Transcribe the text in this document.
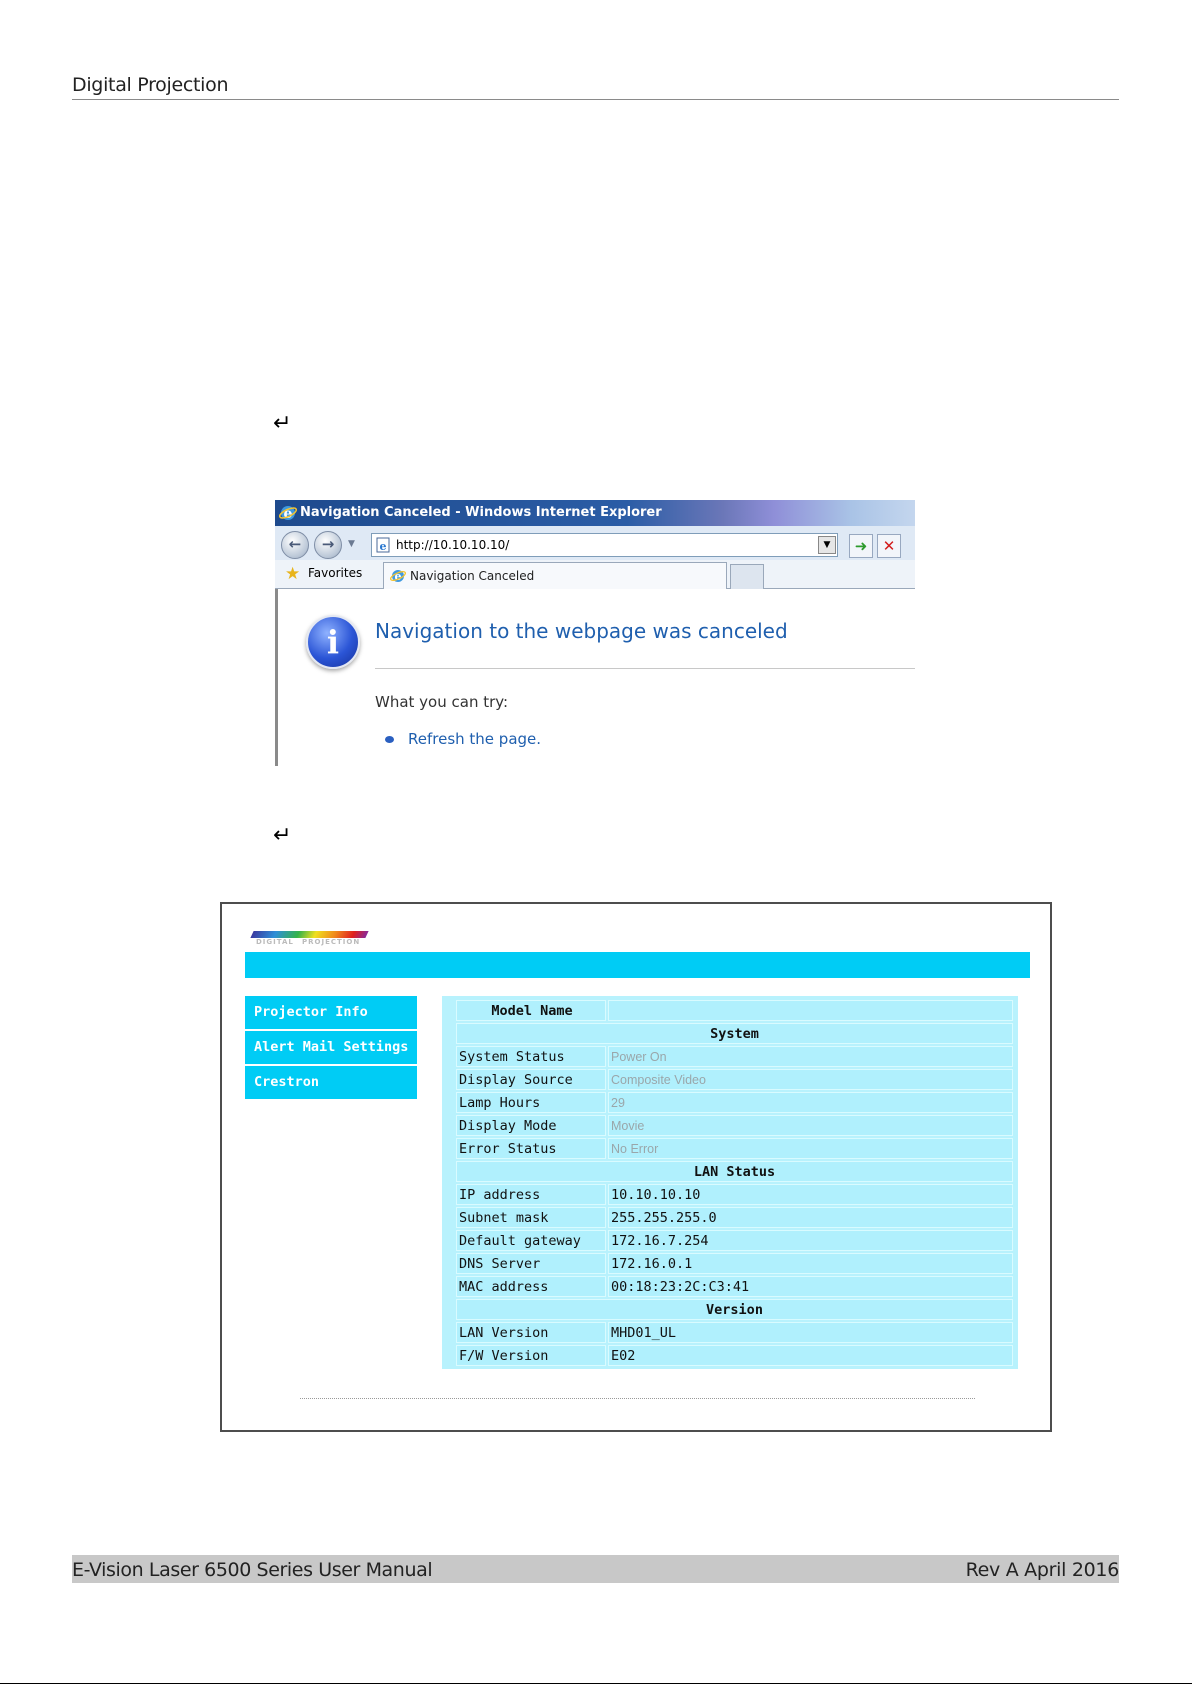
Digital Projection
↵
↵
e Navigation Canceled - Windows Internet Explorer
←	→	▼ e http://10.10.10.10/	▼	➜	✕
★ Favorites	e Navigation Canceled
i	Navigation to the webpage was canceled
What you can try:
Refresh the page.
DIGITAL PROJECTION
Projector Info
Alert Mail Settings
Crestron
Model Name
System
System Status	Power On
Display Source	Composite Video
Lamp Hours	29
Display Mode	Movie
Error Status	No Error
LAN Status
IP address	10.10.10.10
Subnet mask	255.255.255.0
Default gateway	172.16.7.254
DNS Server	172.16.0.1
MAC address	00:18:23:2C:C3:41
Version
LAN Version	MHD01_UL
F/W Version	E02
E-Vision Laser 6500 Series User Manual	Rev A April 2016
